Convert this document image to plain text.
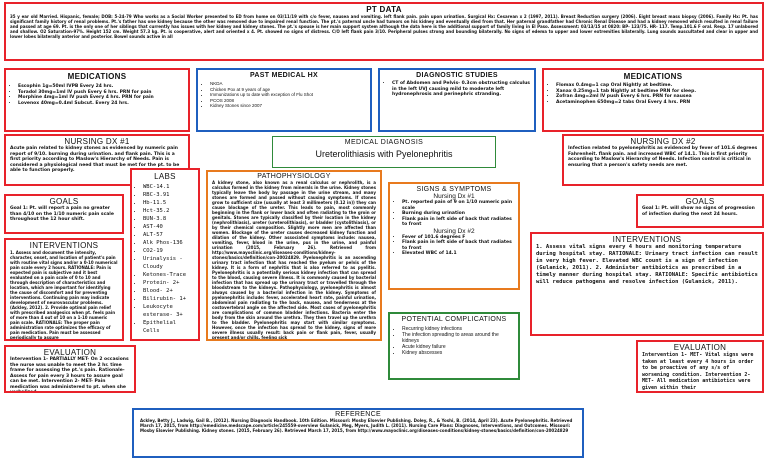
PT DATA
35 y ear old Married. Hispanic, female; DOB: 5-24-79 Who works as a Social Worker presented to ED from home on 03/11/19 with c/o fever, nausea and vomiting. left flank pain. pain upon urination. Surgical Hx: Cesarean x 2 (1997, 2011). Breast Reduction surgery (2006). Eight breast mass biopsy (2006). Family Hx: Pt. has significant family history of renal problems. Pt.'s father has one kidney because the other was removed due to impaired renal function. The pt.'s paternal uncle had tumors on his kidney and eventually died from that. Her paternal grandfather had Chronic Renal Disease and had a kidney removed which resulted in renal failure and passed at age 69. Pt. is the only one of her siblings that currently has issues with her kidney and kidney stones. The pt.'s spouse is her main support system although the data here is the additional support of family living in El Paso. Assessment: 03/13/15 at 0820: BP- 123/75. HR- 117. Temp.101.6 F oral. Resp. 17 unlabored and shallow. O2 Saturation-97%. Height 152 cm. Weight 57.3 kg. Pt. is cooperative, alert and oriented x 4. Pt. showed no signs of distress. C/O left flank pain 3/10. Peripheral pulses strong and bounding bilaterally. No signs of edema to upper and lower extremities bilaterally. Lung sounds auscultated and clear in upper and lower lobes bilaterally anterior and posterior. Bowel sounds active in all
MEDICATIONS
• Escophin 1g=50ml IVPB Every 24 hrs.
• Toradol 30mg=1ml IV push Every 6 hrs. PRN for pain
• Morphine 4mg=1ml IV push Every 4 hrs. PRN for pain
• Lovenox 40mg=0.4ml Subcut. Every 24 hrs.
PAST MEDICAL HX
• NKDA
• Chicken Pox at 9 years of age
• Immunizations up to date with exception of Flu Shot
• PCOS 2008
• Kidney Stones since 2007
DIAGNOSTIC STUDIES
• CT of Abdomen and Pelvis- 0.3cm obstructing calculus in the left UVJ causing mild to moderate left hydronephrosis and perinephric stranding.
MEDICATIONS
• Flomax 0.4mg=1 cap Oral Nightly at bedtime.
• Xanax 0.25mg=1 tab Nightly at bedtime PRN for sleep.
• Zofran 4mg=2ml IV push Every 6 hrs. PRN for nausea
• Acetaminophen 650mg=2 tabs Oral Every 4 hrs. PRN
NURSING DX #1
Acute pain related to kidney stones as evidenced by numeric pain report of 9/10. burning during urination. and flank pain. This is a first priority according to Maslow's Hierarchy of Needs. Pain is considered a physiological need that must be met for the pt. to be able to function properly.
MEDICAL DIAGNOSIS
Ureterolithiasis with Pyelonephritis
NURSING DX #2
Infection related to pyelonephritis as evidenced by fever of 101.6 degrees Fahrenheit. flank pain. and increased WBC of 14.1. This is first priority according to Maslow's Hierarchy of Needs. Infection control is critical in ensuring that a person's safety needs are met.
GOALS
Goal 1: Pt. will report a pain no greater than 4/10 on the 1/10 numeric pain scale throughout the 12 hour shift.
LABS
• WBC-14.1
• RBC-3.91
• Hb-11.5
• Hct-35.2
• BUN-3.8
• AST-40
• ALT-57
• Alk Phos-136
• CO2-19
• Urinalysis -Cloudy
• Ketones-Trace
• Protein- 2+
• Blood- 2+
• Bilirubin- 1+
• Leukocyte esterase- 3+
• Epithelial Cells
PATHOPHYSIOLOGY
A kidney stone, also known as a renal calculus or nephrolith, is a calculus formed in the kidney from minerals in the urine. Kidney stones typically leave the body by passage in the urine stream, and many stones are formed and passed without causing symptoms. If stones grow to sufficient size (usually at least 3 millimeters (0.12 in)) they can cause blockage of the ureter. This leads to pain, most commonly beginning in the flank or lower back and often radiating to the groin or genitals. Stones are typically classified by their location in the kidney (nephrolithiasis), ureter (ureterolithiasis), or bladder (cystolithiasis), or by their chemical composition. Slightly more men are affected than women. Blockage of the ureter causes decreased kidney function and dilation of the kidney. Other associated symptoms include: nausea, vomiting, fever, blood in the urine, pus in the urine, and painful urination (2015, February 26). Retrieved from http://www.mayoclinic.org/diseases-conditions/kidney-stones/basics/definition/con-20024829. Pyelonephritis is an ascending urinary tract infection that has reached the pyelum or pelvis of the kidney. It is a form of nephritis that is also referred to as pyelitis. Pyelonephritis is a potentially serious kidney infection that can spread to the blood, causing severe illness. It is commonly caused by bacterial infection that has spread up the urinary tract or travelled through the bloodstream to the kidneys. Pathophysiology, pyelonephritis is almost always caused by a bacterial infection in the kidney. Symptoms of pyelonephritis include: fever, accelerated heart rate, painful urination, abdominal pain radiating to the back, nausea, and tenderness at the costovertebral angle on the affected side. Most cases of pyelonephritis are complications of common bladder infections. Bacteria enter the body from the skin around the urethra. They then travel up the urethra to the bladder. Pyelonephritis may start with similar symptoms. However, once the infection has spread to the kidney, signs of more severe illness usually result: back pain or flank pain, fever, usually present and/or chills, feeling sick
SIGNS & SYMPTOMS
Nursing Dx #1
• Pt. reported pain of 9 on 1/10 numeric pain scale
• Burning during urination
• Flank pain in left side of back that radiates to front
Nursing Dx #2
• Fever of 101.6 degrees F
• Flank pain in left side of back that radiates to front
• Elevated WBC of 14.1
GOALS
Goal 1: Pt. will show no signs of progression of infection during the next 24 hours.
INTERVENTIONS
1. Assess and document the intensity, character, onset, and location of patient's pain with routine vital signs and/or a 0-10 numerical pain scale every 2 hours. RATIONALE: Pain is expected pain is subjective and it best evaluated on a pain scale of 0 to 10 and through description of characteristics and location, which are important for identifying the cause of discomfort and for preventing interventions. Continuing pain may indicate development of neurovascular problems. (Ackley, 2012). 2. Provide optimal pain relief with prescribed analgesics when pt. feels pain of more than 4 out of 10 on a 1-10 numeric pain scale. RATIONALE: The proper pain administration rate optimizes the efficacy of pain medication. Pain must be assessed periodically to assure
POTENTIAL COMPLICATIONS
• Recurring kidney infections
• The infection spreading to areas around the kidneys
• Acute kidney failure
• Kidney abscesses
INTERVENTIONS
1. Assess vital signs every 4 hours and monitoring temperature during hospital stay. RATIONALE: Urinary tract infection can result in very high fever. Elevated WBC count is a sign of infection (Gulanick, 2011). 2. Administer antibiotics as prescribed in a timely manner during hospital stay. RATIONALE: Specific antibiotics will reduce pathogens and resolve infection (Gulanick, 2011).
EVALUATION
Intervention 1- PARTIALLY MET- On 2 occasions the nurse was unable to meet the 2 hr. time frame for assessing the pt.'s pain. Rationale- Assess for pain every 3 hours to assure goal can be met. Intervention 2- MET- Pain medication was administered to pt. when she verbalized
EVALUATION
Intervention 1- MET- Vital signs were taken at least every 4 hours in order to be proactive of any s/s of worsening condition. Intervention 2- MET- All medication antibiotics were given within their
REFERENCE
Ackley, Betty J., Ladwig, Gail B., (2012). Nursing Diagnosis Handbook. 10th Edition. Missouri: Mosby Elsevier Publishing. Doley, R., & Yoshi, B. (2014, April 23). Acute Pyelonephritis. Retrieved March 17, 2015, from http://emedicine.medscape.com/article/245559-overview Gulanick, Meg, Myers, Judith L. (2011). Nursing Care Plans: Diagnoses, Interventions, and Outcomes. Missouri: Mosby Elsevier Publishing. Kidney stones. (2015, February 26). Retrieved March 17, 2015, from http://www.mayoclinic.org/diseases-conditions/kidney-stones/basics/definition/con-20024829
